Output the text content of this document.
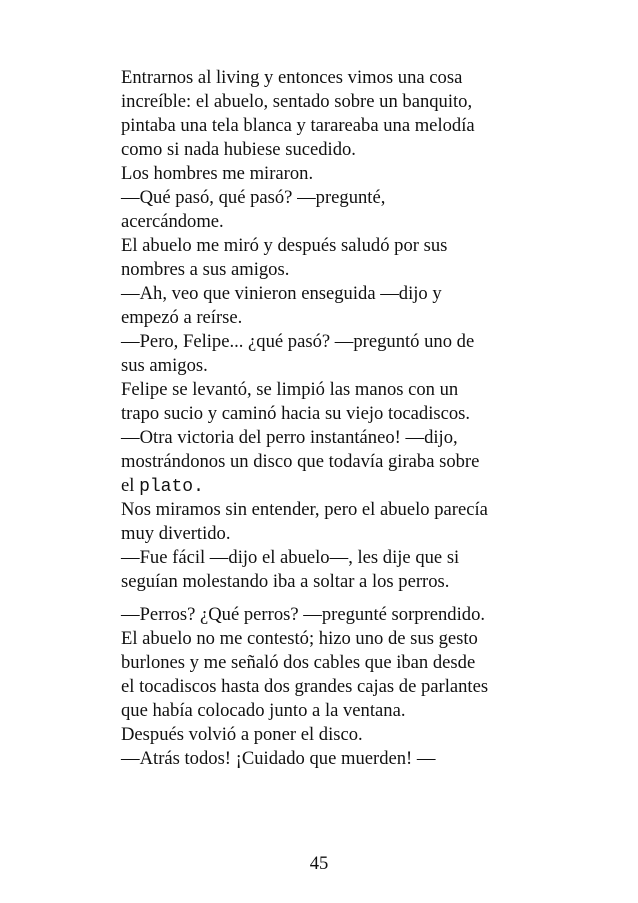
Entrarnos al living y entonces vimos una cosa
increíble: el abuelo, sentado sobre un banquito,
pintaba una tela blanca y tarareaba una melodía
como si nada hubiese sucedido.
Los hombres me miraron.
—Qué pasó, qué pasó? —pregunté,
acercándome.
El abuelo me miró y después saludó por sus
nombres a sus amigos.
—Ah, veo que vinieron enseguida —dijo y
empezó a reírse.
—Pero, Felipe... ¿qué pasó? —preguntó uno de
sus amigos.
Felipe se levantó, se limpió las manos con un
trapo sucio y caminó hacia su viejo tocadiscos.
—Otra victoria del perro instantáneo! —dijo,
mostrándonos un disco que todavía giraba sobre
el plato.
Nos miramos sin entender, pero el abuelo parecía
muy divertido.
—Fue fácil —dijo el abuelo—, les dije que si
seguían molestando iba a soltar a los perros.
—Perros? ¿Qué perros? —pregunté sorprendido.
El abuelo no me contestó; hizo uno de sus gesto
burlones y me señaló dos cables que iban desde
el tocadiscos hasta dos grandes cajas de parlantes
que había colocado junto a la ventana.
Después volvió a poner el disco.
—Atrás todos! ¡Cuidado que muerden! —
45
